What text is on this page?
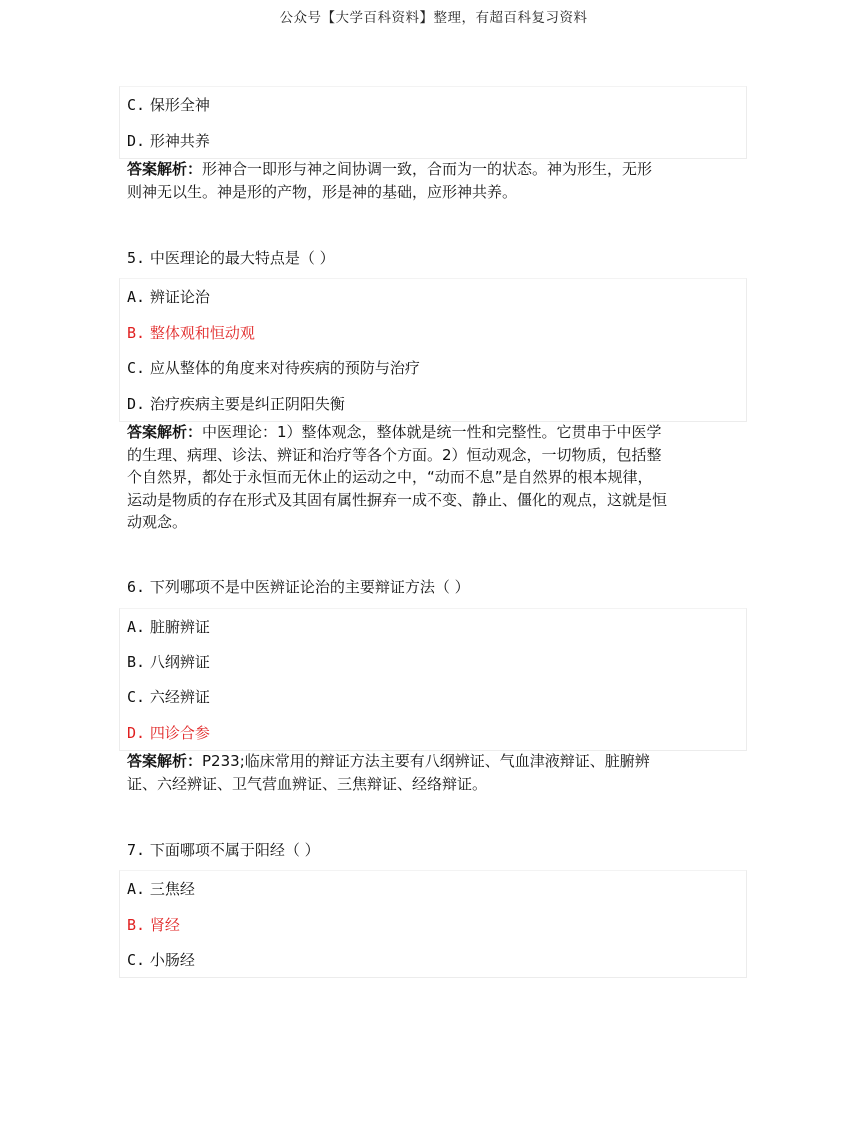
公众号【大学百科资料】整理，有超百科复习资料
C. 保形全神
D. 形神共养
答案解析：形神合一即形与神之间协调一致，合而为一的状态。神为形生，无形
则神无以生。神是形的产物，形是神的基础，应形神共养。
5. 中医理论的最大特点是（ ）
A. 辨证论治
B. 整体观和恒动观
C. 应从整体的角度来对待疾病的预防与治疗
D. 治疗疾病主要是纠正阴阳失衡
答案解析：中医理论：1）整体观念，整体就是统一性和完整性。它贯串于中医学
的生理、病理、诊法、辨证和治疗等各个方面。2）恒动观念，一切物质，包括整
个自然界，都处于永恒而无休止的运动之中，“动而不息”是自然界的根本规律，
运动是物质的存在形式及其固有属性摒弃一成不变、静止、僵化的观点，这就是恒
动观念。
6. 下列哪项不是中医辨证论治的主要辩证方法（ ）
A. 脏腑辨证
B. 八纲辨证
C. 六经辨证
D. 四诊合参
答案解析：P233;临床常用的辩证方法主要有八纲辨证、气血津液辩证、脏腑辨
证、六经辨证、卫气营血辨证、三焦辩证、经络辩证。
7. 下面哪项不属于阳经（ ）
A. 三焦经
B. 肾经
C. 小肠经
